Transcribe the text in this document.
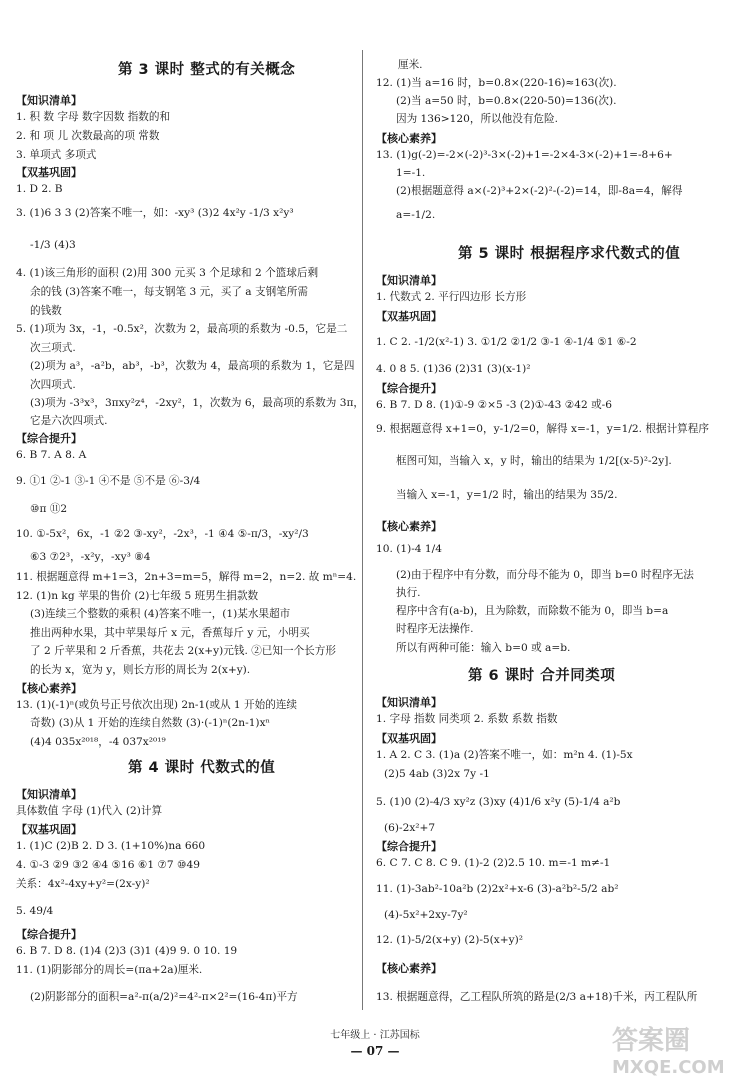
第 3 课时 整式的有关概念
【知识清单】
1. 积 数 字母 数字因数 指数的和
2. 和 项 儿 次数最高的项 常数
3. 单项式 多项式
【双基巩固】
1. D 2. B
3. (1)6 3 3 (2)答案不唯一，如：-xy³ (3)2 4x²y -1/3 x²y³
-1/3 (4)3
4. (1)该三角形的面积 (2)用 300 元买 3 个足球和 2 个篮球后剩
余的钱 (3)答案不唯一，每支钢笔 3 元，买了 a 支钢笔所需
的钱数
5. (1)项为 3x，-1，-0.5x²，次数为 2，最高项的系数为 -0.5，它是二
次三项式.
(2)项为 a³，-a²b，ab³，-b³，次数为 4，最高项的系数为 1，它是四
次四项式.
(3)项为 -3³x³，3πxy²z⁴，-2xy²，1，次数为 6，最高项的系数为 3π，
它是六次四项式.
【综合提升】
6. B 7. A 8. A
9. ①1 ②-1 ③-1 ④不是 ⑤不是 ⑥-3/4
⑩π ⑪2
10. ①-5x²，6x，-1 ②2 ③-xy²，-2x³，-1 ④4 ⑤-π/3，-xy²/3
⑥3 ⑦2³，-x²y，-xy³ ⑧4
11. 根据题意得 m+1=3，2n+3=m=5，解得 m=2，n=2. 故 mⁿ=4.
12. (1)n kg 苹果的售价 (2)七年级 5 班男生捐款数
(3)连续三个整数的乘积 (4)答案不唯一，(1)某水果超市
推出两种水果，其中苹果每斤 x 元，香蕉每斤 y 元，小明买
了 2 斤苹果和 2 斤香蕉，共花去 2(x+y)元钱. ②已知一个长方形
的长为 x，宽为 y，则长方形的周长为 2(x+y).
【核心素养】
13. (1)(-1)ⁿ(或负号正号依次出现) 2n-1(或从 1 开始的连续
奇数) (3)从 1 开始的连续自然数 (3)·(-1)ⁿ(2n-1)xⁿ
(4)4 035x²⁰¹⁸，-4 037x²⁰¹⁹
第 4 课时 代数式的值
【知识清单】
具体数值 字母 (1)代入 (2)计算
【双基巩固】
1. (1)C (2)B 2. D 3. (1+10%)na 660
4. ①-3 ②9 ③2 ④4 ⑤16 ⑥1 ⑦7 ⑩49
关系：4x²-4xy+y²=(2x-y)²
5. 49/4
【综合提升】
6. B 7. D 8. (1)4 (2)3 (3)1 (4)9 9. 0 10. 19
11. (1)阴影部分的周长=(πa+2a)厘米.
(2)阴影部分的面积=a²-π(a/2)²=4²-π×2²=(16-4π)平方
厘米.
12. (1)当 a=16 时，b=0.8×(220-16)≈163(次).
(2)当 a=50 时，b=0.8×(220-50)=136(次).
因为 136>120，所以他没有危险.
【核心素养】
13. (1)g(-2)=-2×(-2)³-3×(-2)+1=-2×4-3×(-2)+1=-8+6+
1=-1.
(2)根据题意得 a×(-2)³+2×(-2)²-(-2)=14，即-8a=4，解得
a=-1/2.
第 5 课时 根据程序求代数式的值
【知识清单】
1. 代数式 2. 平行四边形 长方形
【双基巩固】
1. C 2. -1/2(x²-1) 3. ①1/2 ②1/2 ③-1 ④-1/4 ⑤1 ⑥-2
4. 0 8 5. (1)36 (2)31 (3)(x-1)²
【综合提升】
6. B 7. D 8. (1)①-9 ②×5 -3 (2)①-43 ②42 或-6
9. 根据题意得 x+1=0，y-1/2=0，解得 x=-1，y=1/2. 根据计算程序
框图可知，当输入 x，y 时，输出的结果为 1/2[(x-5)²-2y].
当输入 x=-1，y=1/2 时，输出的结果为 35/2.
【核心素养】
10. (1)-4 1/4
(2)由于程序中有分数，而分母不能为 0，即当 b=0 时程序无法
执行.
程序中含有(a-b)，且为除数，而除数不能为 0，即当 b=a
时程序无法操作.
所以有两种可能：输入 b=0 或 a=b.
第 6 课时 合并同类项
【知识清单】
1. 字母 指数 同类项 2. 系数 系数 指数
【双基巩固】
1. A 2. C 3. (1)a (2)答案不唯一，如：m²n 4. (1)-5x
(2)5 4ab (3)2x 7y -1
5. (1)0 (2)-4/3 xy²z (3)xy (4)1/6 x²y (5)-1/4 a²b
(6)-2x²+7
【综合提升】
6. C 7. C 8. C 9. (1)-2 (2)2.5 10. m=-1 m≠-1
11. (1)-3ab²-10a²b (2)2x²+x-6 (3)-a²b²-5/2 ab²
(4)-5x²+2xy-7y²
12. (1)-5/2(x+y) (2)-5(x+y)²
【核心素养】
13. 根据题意得，乙工程队所筑的路是(2/3 a+18)千米，丙工程队所
七年级上 · 江苏国标
— 07 —	答案圈
MXQE.COM
